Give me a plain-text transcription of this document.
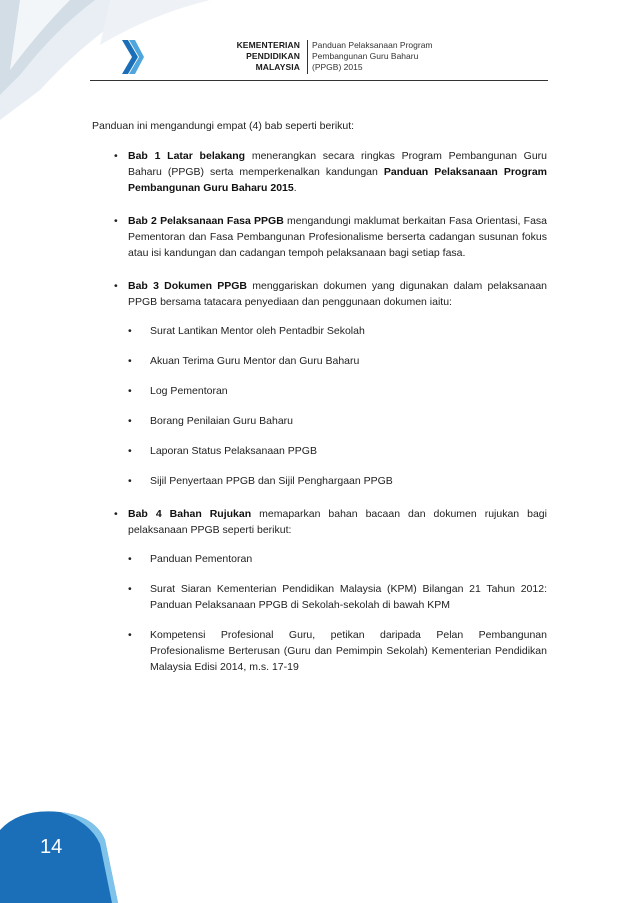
KEMENTERIAN
PENDIDIKAN
MALAYSIA
Panduan Pelaksanaan Program
Pembangunan Guru Baharu
(PPGB) 2015

Panduan ini mengandungi empat (4) bab seperti berikut:

• Bab 1 Latar belakang menerangkan secara ringkas Program Pembangunan Guru Baharu (PPGB) serta memperkenalkan kandungan Panduan Pelaksanaan Program Pembangunan Guru Baharu 2015.
• Bab 2 Pelaksanaan Fasa PPGB mengandungi maklumat berkaitan Fasa Orientasi, Fasa Pementoran dan Fasa Pembangunan Profesionalisme berserta cadangan susunan fokus atau isi kandungan dan cadangan tempoh pelaksanaan bagi setiap fasa.
• Bab 3 Dokumen PPGB menggariskan dokumen yang digunakan dalam pelaksanaan PPGB bersama tatacara penyediaan dan penggunaan dokumen iaitu:
• Surat Lantikan Mentor oleh Pentadbir Sekolah
• Akuan Terima Guru Mentor dan Guru Baharu
• Log Pementoran
• Borang Penilaian Guru Baharu
• Laporan Status Pelaksanaan PPGB
• Sijil Penyertaan PPGB dan Sijil Penghargaan PPGB
• Bab 4 Bahan Rujukan memaparkan bahan bacaan dan dokumen rujukan bagi pelaksanaan PPGB seperti berikut:
• Panduan Pementoran
• Surat Siaran Kementerian Pendidikan Malaysia (KPM) Bilangan 21 Tahun 2012: Panduan Pelaksanaan PPGB di Sekolah-sekolah di bawah KPM
• Kompetensi Profesional Guru, petikan daripada Pelan Pembangunan Profesionalisme Berterusan (Guru dan Pemimpin Sekolah) Kementerian Pendidikan Malaysia Edisi 2014, m.s. 17-19
14
